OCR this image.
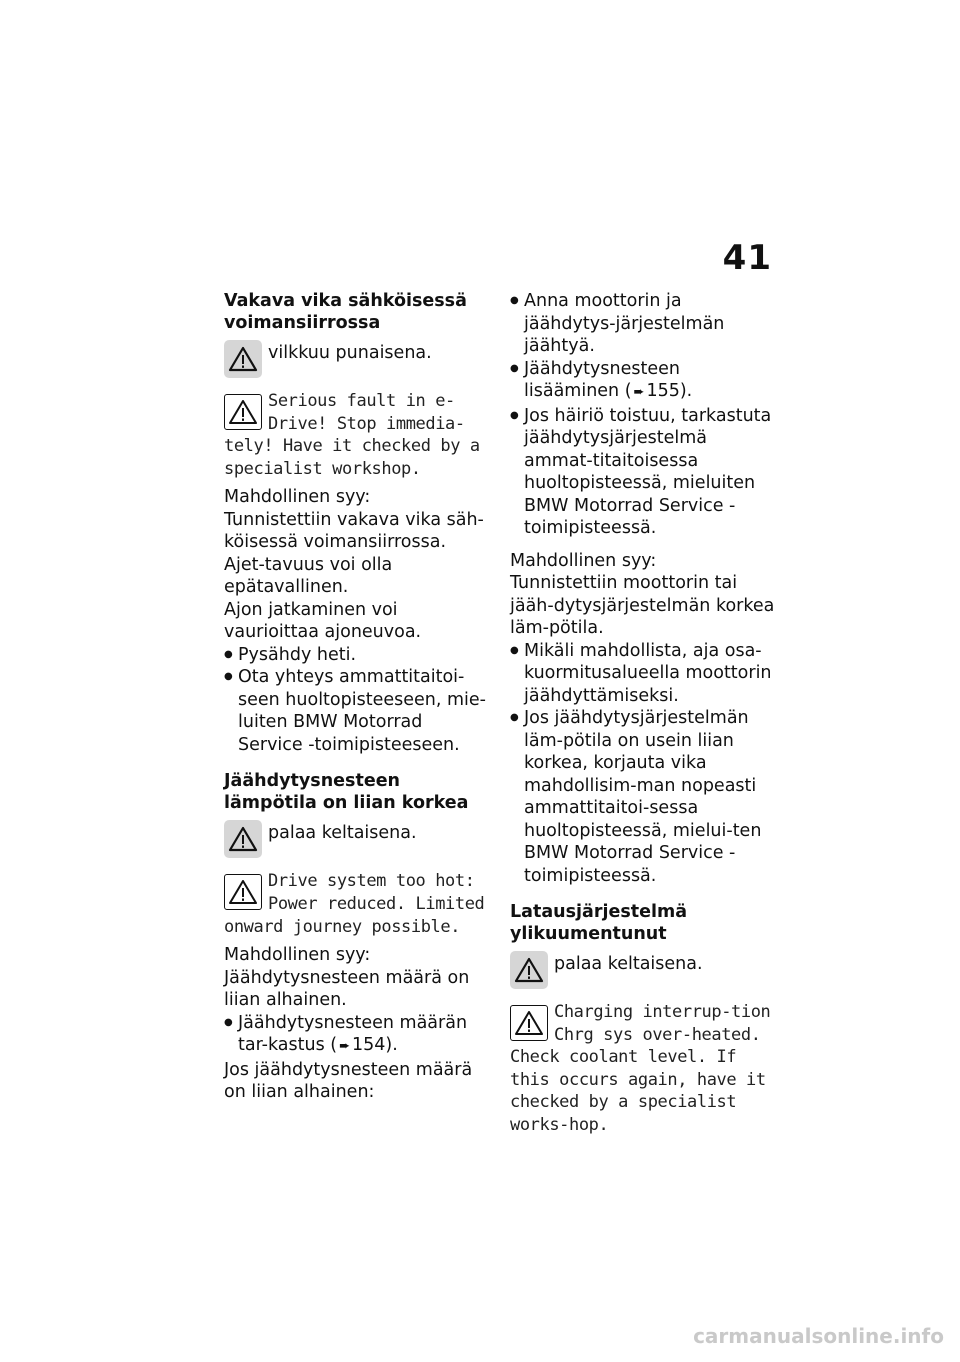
41
Vakava vika sähköisessä voimansiirrossa
vilkkuu punaisena.
Serious fault in e-Drive! Stop immedia-tely! Have it checked by a specialist workshop.

Mahdollinen syy:

Tunnistettiin vakava vika säh-köisessä voimansiirrossa. Ajet-tavuus voi olla epätavallinen.

Ajon jatkaminen voi vaurioittaa ajoneuvoa.

● Pysähdy heti.
● Ota yhteys ammattitaitoi-seen huoltopisteeseen, mie-luiten BMW Motorrad Service -toimipisteeseen.
Jäähdytysnesteen lämpötila on liian korkea
palaa keltaisena.
Drive system too hot: Power reduced. Limited onward journey possible.

Mahdollinen syy:

Jäähdytysnesteen määrä on liian alhainen.

● Jäähdytysnesteen määrän tar-kastus ( ➨ 154).

Jos jäähdytysnesteen määrä on liian alhainen:

● Anna moottorin ja jäähdytys-järjestelmän jäähtyä.
● Jäähdytysnesteen lisääminen ( ➨ 155).
● Jos häiriö toistuu, tarkastuta jäähdytysjärjestelmä ammat-titaitoisessa huoltopisteessä, mieluiten BMW Motorrad Service -toimipisteessä.

Mahdollinen syy:

Tunnistettiin moottorin tai jääh-dytysjärjestelmän korkea läm-pötila.

● Mikäli mahdollista, aja osa-kuormitusalueella moottorin jäähdyttämiseksi.
● Jos jäähdytysjärjestelmän läm-pötila on usein liian korkea, korjauta vika mahdollisim-man nopeasti ammattitaitoi-sessa huoltopisteessä, mielui-ten BMW Motorrad Service -toimipisteessä.
Latausjärjestelmä ylikuumentunut
palaa keltaisena.
Charging interrup-tion Chrg sys over-heated. Check coolant level. If this occurs again, have it checked by a specialist works-hop.
carmanualsonline.info
